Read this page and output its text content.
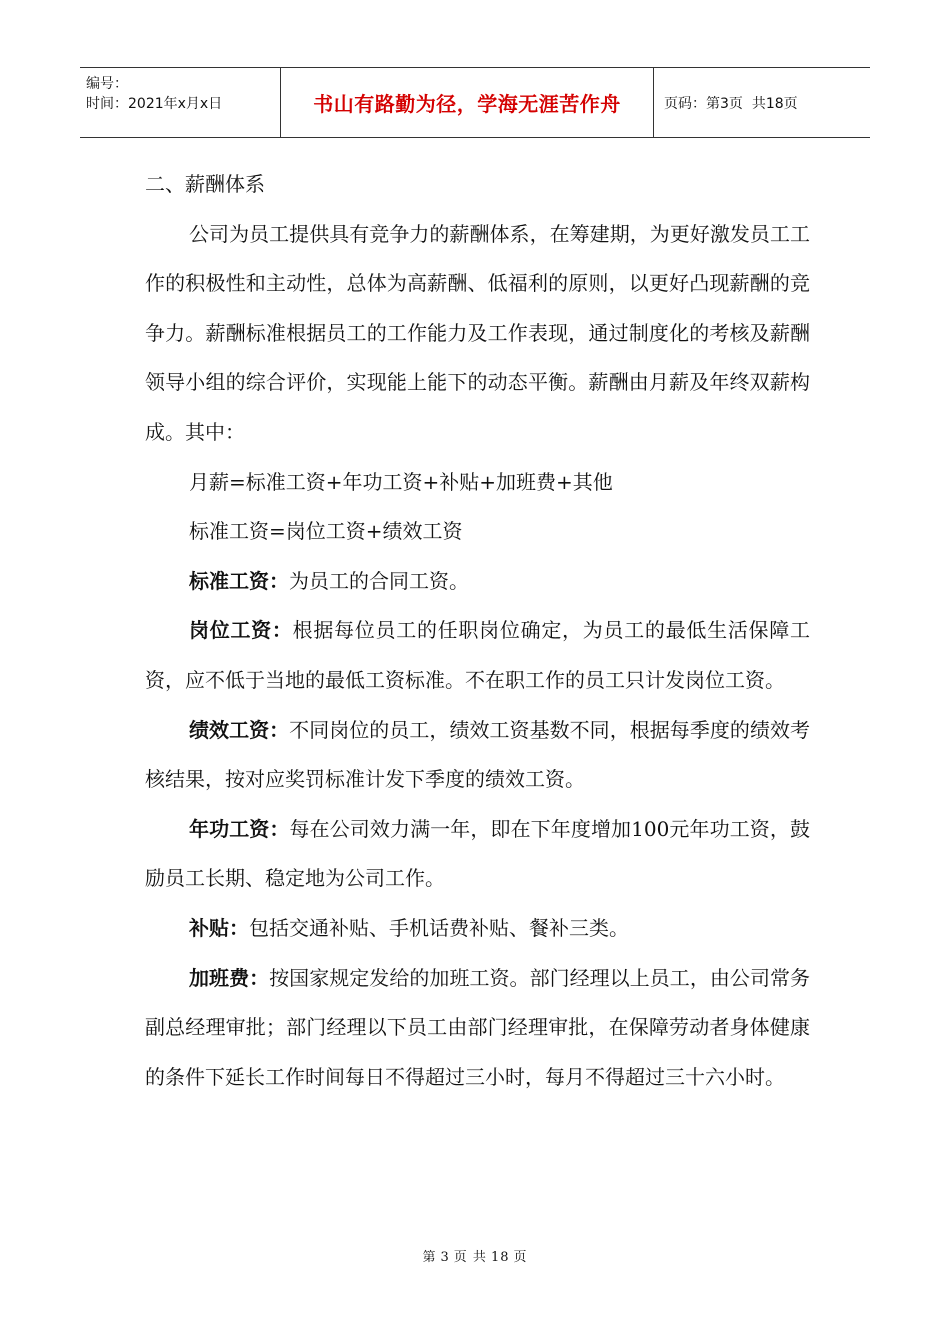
编号：
时间：2021年x月x日	书山有路勤为径，学海无涯苦作舟	页码： 第3页
共18页

二、薪酬体系

公司为员工提供具有竞争力的薪酬体系，在筹建期，为更好激发员工工作的积极性和主动性，总体为高薪酬、低福利的原则，以更好凸现薪酬的竞争力。薪酬标准根据员工的工作能力及工作表现，通过制度化的考核及薪酬领导小组的综合评价，实现能上能下的动态平衡。薪酬由月薪及年终双薪构成。其中：

月薪=标准工资+年功工资+补贴+加班费+其他

标准工资=岗位工资+绩效工资

标准工资：为员工的合同工资。

岗位工资：根据每位员工的任职岗位确定，为员工的最低生活保障工资，应不低于当地的最低工资标准。不在职工作的员工只计发岗位工资。

绩效工资：不同岗位的员工，绩效工资基数不同，根据每季度的绩效考核结果，按对应奖罚标准计发下季度的绩效工资。

年功工资：每在公司效力满一年，即在下年度增加100元年功工资，鼓励员工长期、稳定地为公司工作。

补贴：包括交通补贴、手机话费补贴、餐补三类。

加班费：按国家规定发给的加班工资。部门经理以上员工，由公司常务副总经理审批；部门经理以下员工由部门经理审批，在保障劳动者身体健康的条件下延长工作时间每日不得超过三小时，每月不得超过三十六小时。

第 3 页 共 18 页
